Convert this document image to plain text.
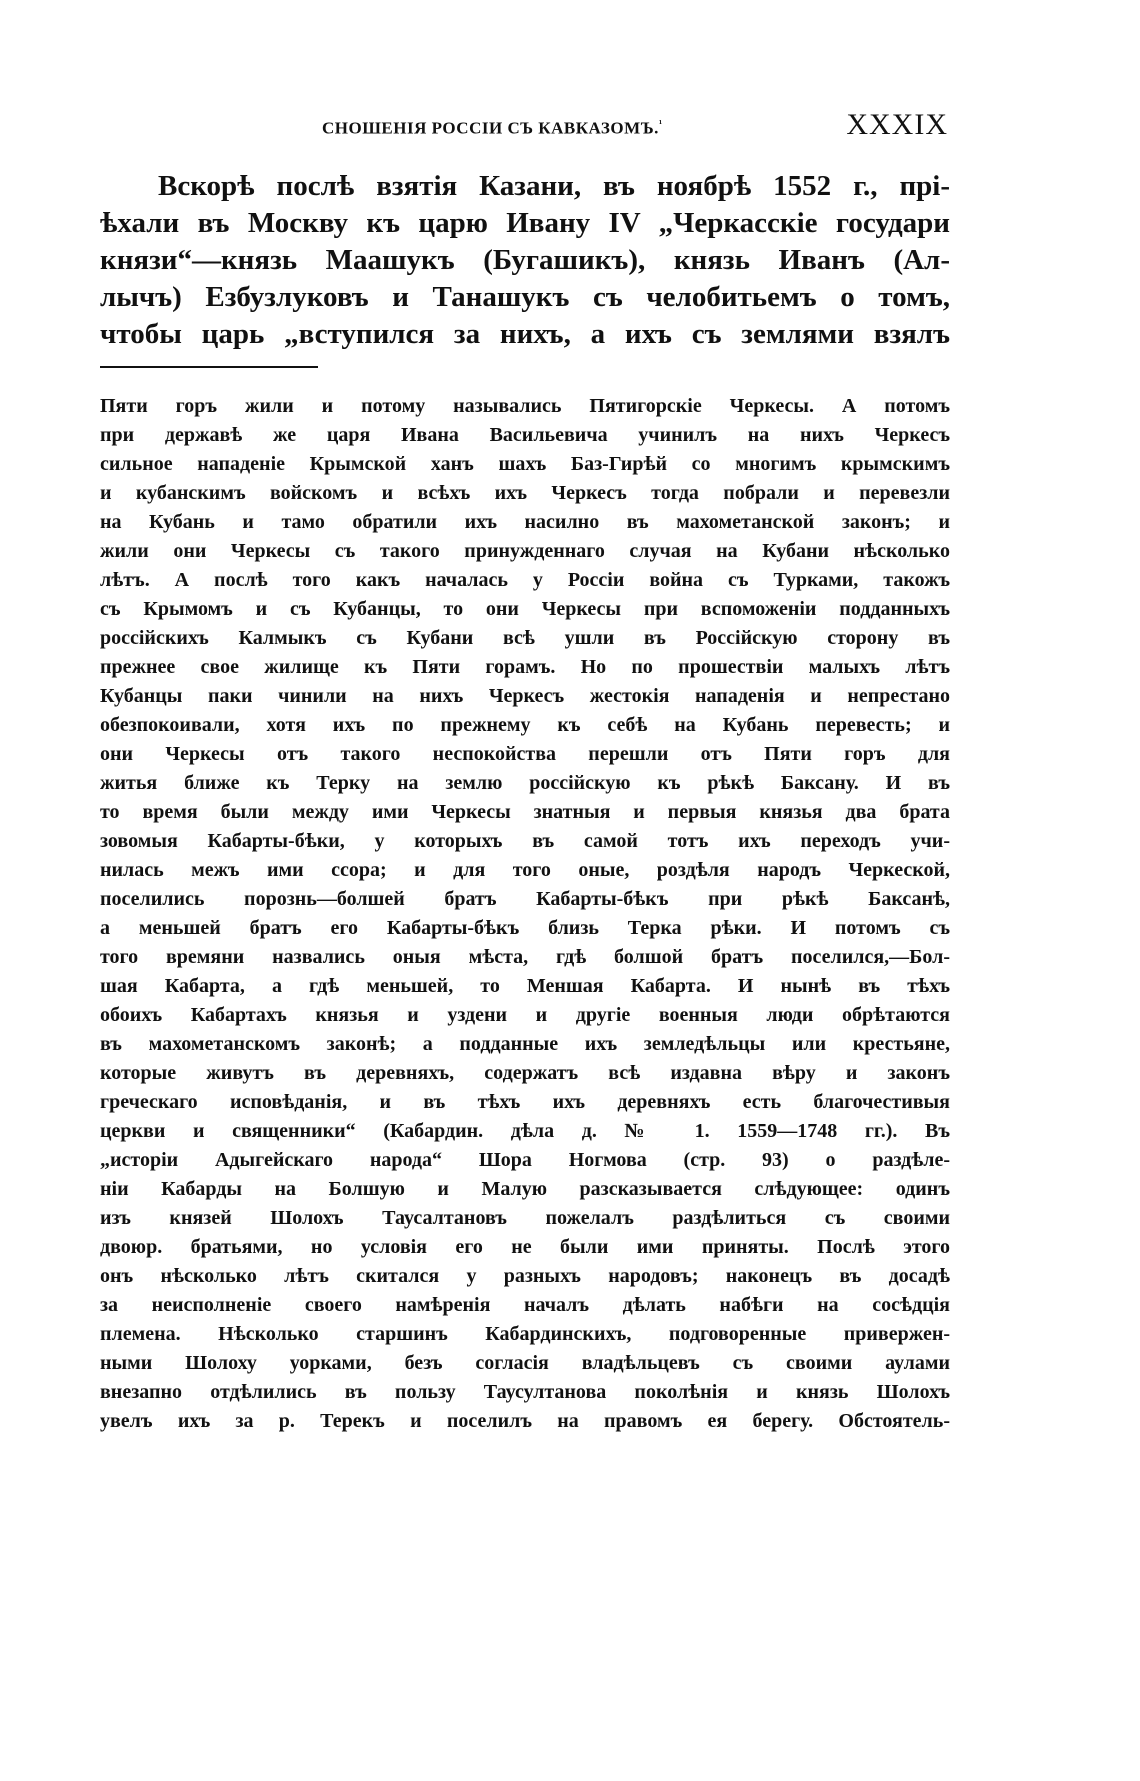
СНОШЕНІЯ РОССІИ СЪ КАВКАЗОМЪ.$^{^1}$	XXXIX
Вскорѣ послѣ взятія Казани, въ ноябрѣ 1552 г., прі-
ѣхали въ Москву къ царю Ивану IV „Черкасскіе государи
князи“—князь Маашукъ (Бугашикъ), князь Иванъ (Ал-
лычъ) Езбузлуковъ и Танашукъ съ челобитьемъ о томъ,
чтобы царь „вступился за нихъ, а ихъ съ землями взялъ
Пяти горъ жили и потому назывались Пятигорскіе Черкесы. А потомъ
при державѣ же царя Ивана Васильевича учинилъ на нихъ Черкесъ
сильное нападеніе Крымской ханъ шахъ Баз-Гирѣй со многимъ крымскимъ
и кубанскимъ войскомъ и всѣхъ ихъ Черкесъ тогда побрали и перевезли
на Кубань и тамо обратили ихъ насилно въ махометанской законъ; и
жили они Черкесы съ такого принужденнаго случая на Кубани нѣсколько
лѣтъ. А послѣ того какъ началась у Россіи война съ Турками, такожъ
съ Крымомъ и съ Кубанцы, то они Черкесы при вспоможеніи подданныхъ
россійскихъ Калмыкъ съ Кубани всѣ ушли въ Россійскую сторону въ
прежнее свое жилище къ Пяти горамъ. Но по прошествіи малыхъ лѣтъ
Кубанцы паки чинили на нихъ Черкесъ жестокія нападенія и непрестано
обезпокоивали, хотя ихъ по прежнему къ себѣ на Кубань перевесть; и
они Черкесы отъ такого неспокойства перешли отъ Пяти горъ для
житья ближе къ Терку на землю россійскую къ рѣкѣ Баксану. И въ
то время были между ими Черкесы знатныя и первыя князья два брата
зовомыя Кабарты-бѣки, у которыхъ въ самой тотъ ихъ переходъ учи-
нилась межъ ими ссора; и для того оные, роздѣля народъ Черкеской,
поселились порознь—болшей братъ Кабарты-бѣкъ при рѣкѣ Баксанѣ,
а меньшей братъ его Кабарты-бѣкъ близь Терка рѣки. И потомъ съ
того времяни назвались оныя мѣста, гдѣ болшой братъ поселился,—Бол-
шая Кабарта, а гдѣ меньшей, то Меншая Кабарта. И нынѣ въ тѣхъ
обоихъ Кабартахъ князья и уздени и другіе военныя люди обрѣтаются
въ махометанскомъ законѣ; а подданные ихъ земледѣльцы или крестьяне,
которые живутъ въ деревняхъ, содержатъ всѣ издавна вѣру и законъ
греческаго исповѣданія, и въ тѣхъ ихъ деревняхъ есть благочестивыя
церкви и священники“ (Кабардин. дѣла д. № 1. 1559—1748 гг.). Въ
„исторіи Адыгейскаго народа“ Шора Ногмова (стр. 93) о раздѣле-
ніи Кабарды на Болшую и Малую разсказывается слѣдующее: одинъ
изъ князей Шолохъ Таусалтановъ пожелалъ раздѣлиться съ своими
двоюр. братьями, но условія его не были ими приняты. Послѣ этого
онъ нѣсколько лѣтъ скитался у разныхъ народовъ; наконецъ въ досадѣ
за неисполненіе своего намѣренія началъ дѣлать набѣги на сосѣдція
племена. Нѣсколько старшинъ Кабардинскихъ, подговоренные привержен-
ными Шолоху уорками, безъ согласія владѣльцевъ съ своими аулами
внезапно отдѣлились въ пользу Таусултанова поколѣнія и князь Шолохъ
увелъ ихъ за р. Терекъ и поселилъ на правомъ ея берегу. Обстоятель-
